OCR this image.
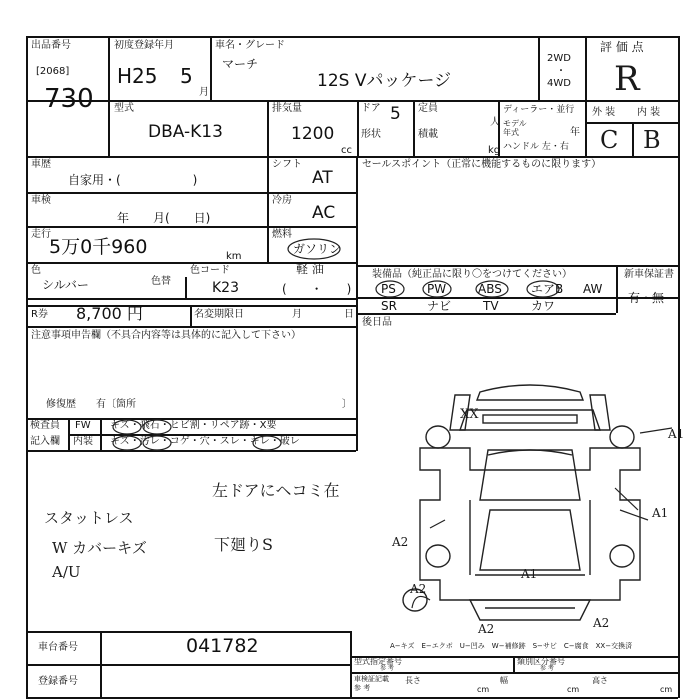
出品番号
[2068]
730
初度登録年月
H25 5
月
車名・グレード
マーチ
12S Vパッケージ
2WD
・
4WD
評 価 点
R
型式
DBA-K13
排気量
1200
cc
ドア 5
形状
定員
人
積載
kg
ディーラー・並行
モデル
年式	年
ハンドル 左・右
外 装 内 装
C B
車歴
自家用・(　　　　　　)
シフト
AT
車検
年　　月(　　日)
冷房
AC
走行
5万0千960	km
燃料
ガソリン
軽 油
(　　・　　)
色
シルバー	色替
色コード
K23
R券 8,700 円	名変期限日	月	日
セールスポイント（正常に機能するものに限ります）
装備品（純正品に限り〇をつけてください）	新車保証書
有・無
PS	PW	ABS エアB AW
SR	ナビ	TV	カワ
後日品
注意事項申告欄（不具合内容等は具体的に記入して下さい）
修復歴　　有〔箇所	〕
検査員
記入欄
FW キズ・飛石・ヒビ割・リペア跡・X要
内装 キズ・汚レ・コゲ・穴・スレ・キレ・破レ
左ドアにヘコミ在
下廻りS
スタットレス
W カバーキズ
A/U
XX
A1
A1
A1
A2
A2
A2	A2
車台番号	041782
登録番号
A−キズ　E−エクボ　U−凹み　W−補修跡　S−サビ　C−腐食　XX−交換済
型式指定番号
参 考
類別区分番号
参 考
車検証記載
参 考
長さ
cm
幅
cm
高さ
cm
